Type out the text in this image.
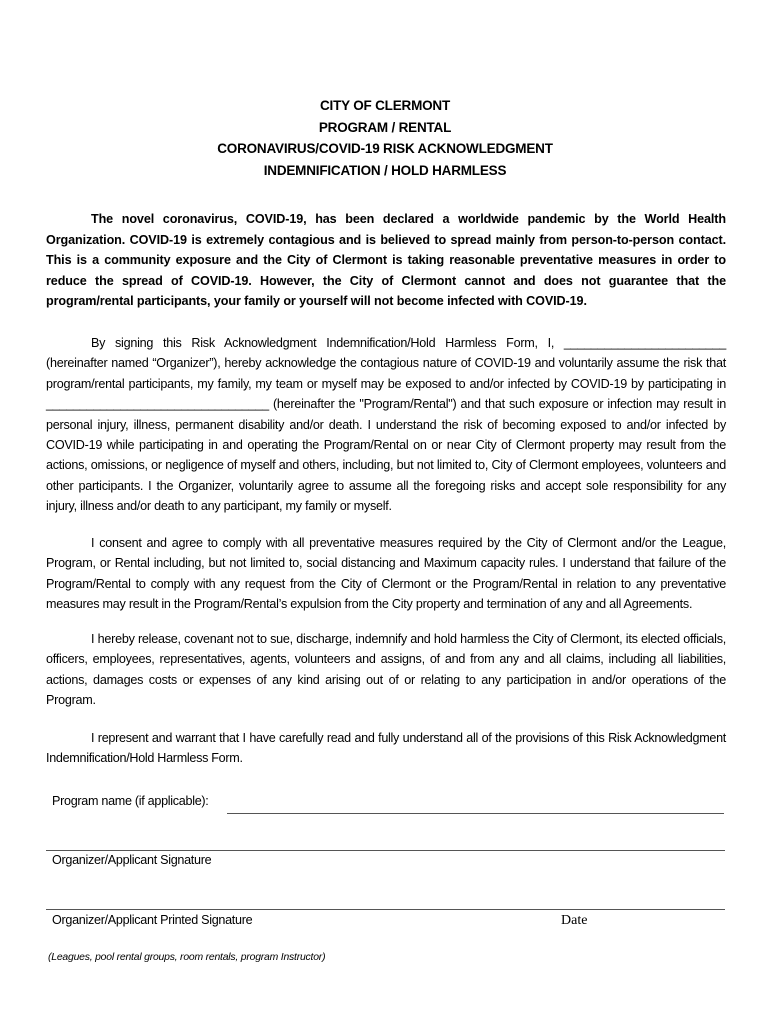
CITY OF CLERMONT
PROGRAM / RENTAL
CORONAVIRUS/COVID-19 RISK ACKNOWLEDGMENT
INDEMNIFICATION / HOLD HARMLESS

The novel coronavirus, COVID-19, has been declared a worldwide pandemic by the World Health Organization. COVID-19 is extremely contagious and is believed to spread mainly from person-to-person contact. This is a community exposure and the City of Clermont is taking reasonable preventative measures in order to reduce the spread of COVID-19. However, the City of Clermont cannot and does not guarantee that the program/rental participants, your family or yourself will not become infected with COVID-19.

By signing this Risk Acknowledgment Indemnification/Hold Harmless Form, I, ________________________ (hereinafter named “Organizer”), hereby acknowledge the contagious nature of COVID-19 and voluntarily assume the risk that program/rental participants, my family, my team or myself may be exposed to and/or infected by COVID-19 by participating in _________________________________ (hereinafter the "Program/Rental") and that such exposure or infection may result in personal injury, illness, permanent disability and/or death. I understand the risk of becoming exposed to and/or infected by COVID-19 while participating in and operating the Program/Rental on or near City of Clermont property may result from the actions, omissions, or negligence of myself and others, including, but not limited to, City of Clermont employees, volunteers and other participants. I the Organizer, voluntarily agree to assume all the foregoing risks and accept sole responsibility for any injury, illness and/or death to any participant, my family or myself.

I consent and agree to comply with all preventative measures required by the City of Clermont and/or the League, Program, or Rental including, but not limited to, social distancing and Maximum capacity rules. I understand that failure of the Program/Rental to comply with any request from the City of Clermont or the Program/Rental in relation to any preventative measures may result in the Program/Rental’s expulsion from the City property and termination of any and all Agreements.

I hereby release, covenant not to sue, discharge, indemnify and hold harmless the City of Clermont, its elected officials, officers, employees, representatives, agents, volunteers and assigns, of and from any and all claims, including all liabilities, actions, damages costs or expenses of any kind arising out of or relating to any participation in and/or operations of the Program.

I represent and warrant that I have carefully read and fully understand all of the provisions of this Risk Acknowledgment Indemnification/Hold Harmless Form.

Program name (if applicable):
Organizer/Applicant Signature
Organizer/Applicant Printed Signature	Date
(Leagues, pool rental groups, room rentals, program Instructor)
